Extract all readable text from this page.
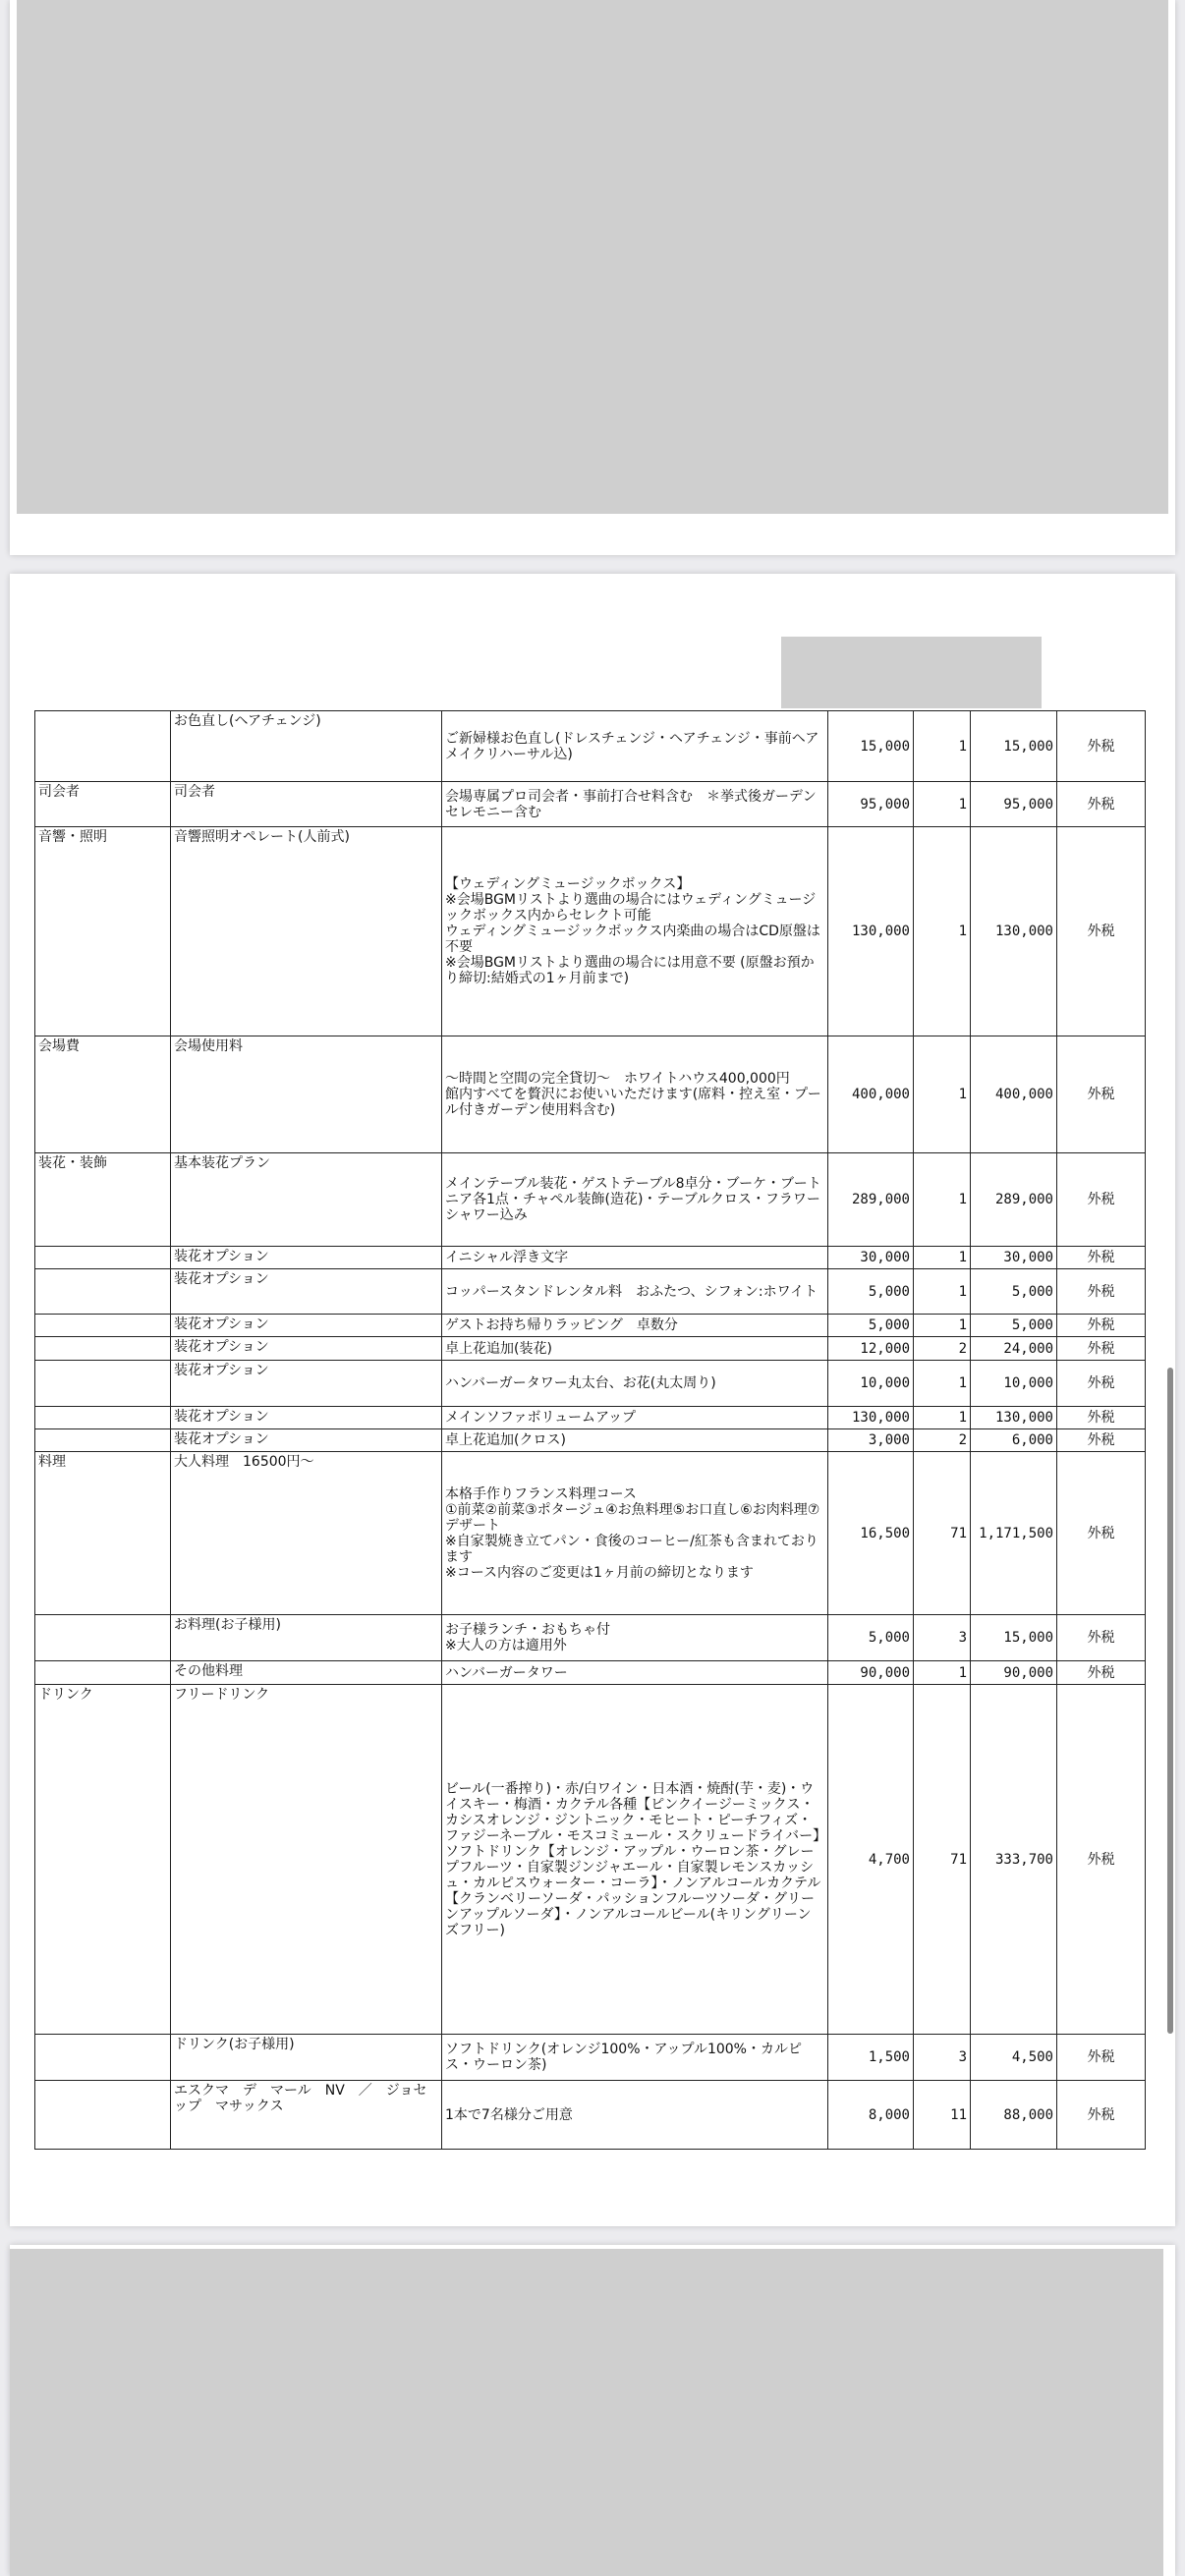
	お色直し(ヘアチェンジ)	ご新婦様お色直し(ドレスチェンジ・ヘアチェンジ・事前ヘアメイクリハーサル込)	15,000	1	15,000	外税
司会者	司会者	会場専属プロ司会者・事前打合せ料含む　＊挙式後ガーデンセレモニー含む	95,000	1	95,000	外税
音響・照明	音響照明オペレート(人前式)	【ウェディングミュージックボックス】
※会場BGMリストより選曲の場合にはウェディングミュージックボックス内からセレクト可能
ウェディングミュージックボックス内楽曲の場合はCD原盤は不要
※会場BGMリストより選曲の場合には用意不要 (原盤お預かり締切:結婚式の1ヶ月前まで)	130,000	1	130,000	外税
会場費	会場使用料	〜時間と空間の完全貸切〜　ホワイトハウス400,000円
館内すべてを贅沢にお使いいただけます(席料・控え室・プール付きガーデン使用料含む)	400,000	1	400,000	外税
装花・装飾	基本装花プラン	メインテーブル装花・ゲストテーブル8卓分・ブーケ・ブートニア各1点・チャペル装飾(造花)・テーブルクロス・フラワーシャワー込み	289,000	1	289,000	外税
	装花オプション	イニシャル浮き文字	30,000	1	30,000	外税
	装花オプション	コッパースタンドレンタル料　おふたつ、シフォン:ホワイト	5,000	1	5,000	外税
	装花オプション	ゲストお持ち帰りラッピング　卓数分	5,000	1	5,000	外税
	装花オプション	卓上花追加(装花)	12,000	2	24,000	外税
	装花オプション	ハンバーガータワー丸太台、お花(丸太周り)	10,000	1	10,000	外税
	装花オプション	メインソファボリュームアップ	130,000	1	130,000	外税
	装花オプション	卓上花追加(クロス)	3,000	2	6,000	外税
料理	大人料理　16500円〜	本格手作りフランス料理コース
①前菜②前菜③ポタージュ④お魚料理⑤お口直し⑥お肉料理⑦デザート
※自家製焼き立てパン・食後のコーヒー/紅茶も含まれております
※コース内容のご変更は1ヶ月前の締切となります	16,500	71	1,171,500	外税
	お料理(お子様用)	お子様ランチ・おもちゃ付
※大人の方は適用外	5,000	3	15,000	外税
	その他料理	ハンバーガータワー	90,000	1	90,000	外税
ドリンク	フリードリンク	ビール(一番搾り)・赤/白ワイン・日本酒・焼酎(芋・麦)・ウイスキー・梅酒・カクテル各種【ピンクイージーミックス・カシスオレンジ・ジントニック・モヒート・ピーチフィズ・ファジーネーブル・モスコミュール・スクリュードライバー】　ソフトドリンク【オレンジ・アップル・ウーロン茶・グレープフルーツ・自家製ジンジャエール・自家製レモンスカッシュ・カルピスウォーター・コーラ】・ノンアルコールカクテル【クランベリーソーダ・パッションフルーツソーダ・グリーンアップルソーダ】・ノンアルコールビール(キリングリーンズフリー)	4,700	71	333,700	外税
	ドリンク(お子様用)	ソフトドリンク(オレンジ100%・アップル100%・カルピス・ウーロン茶)	1,500	3	4,500	外税
	エスクマ　デ　マール　NV　／　ジョセップ　マサックス	1本で7名様分ご用意	8,000	11	88,000	外税
